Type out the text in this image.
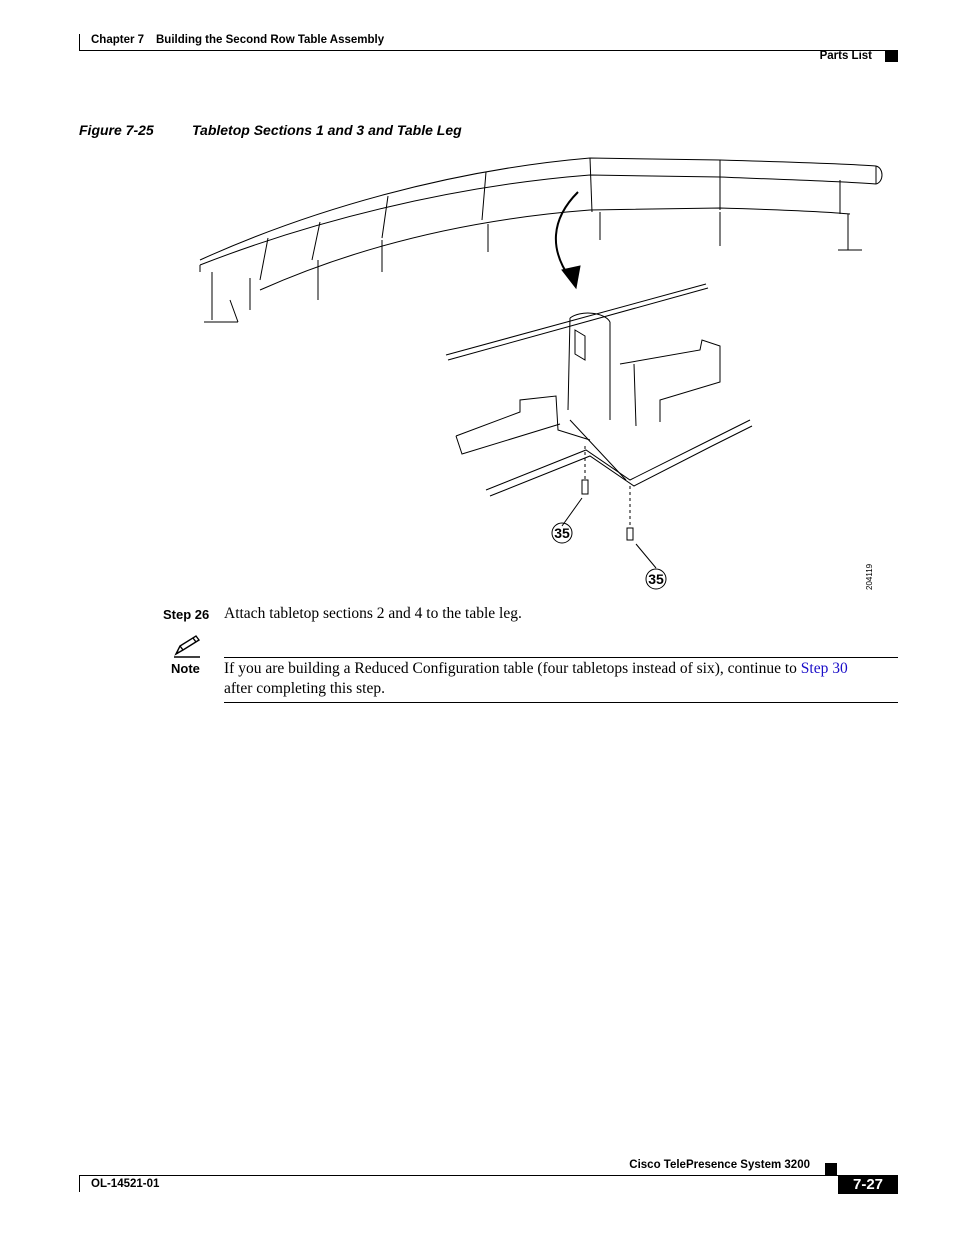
Chapter 7 Building the Second Row Table Assembly
Parts List
Figure 7-25	Tabletop Sections 1 and 3 and Table Leg
35
35	204119
Step 26 Attach tabletop sections 2 and 4 to the table leg.
Note If you are building a Reduced Configuration table (four tabletops instead of six), continue to Step 30
after completing this step.
Cisco TelePresence System 3200
OL-14521-01	7-27
